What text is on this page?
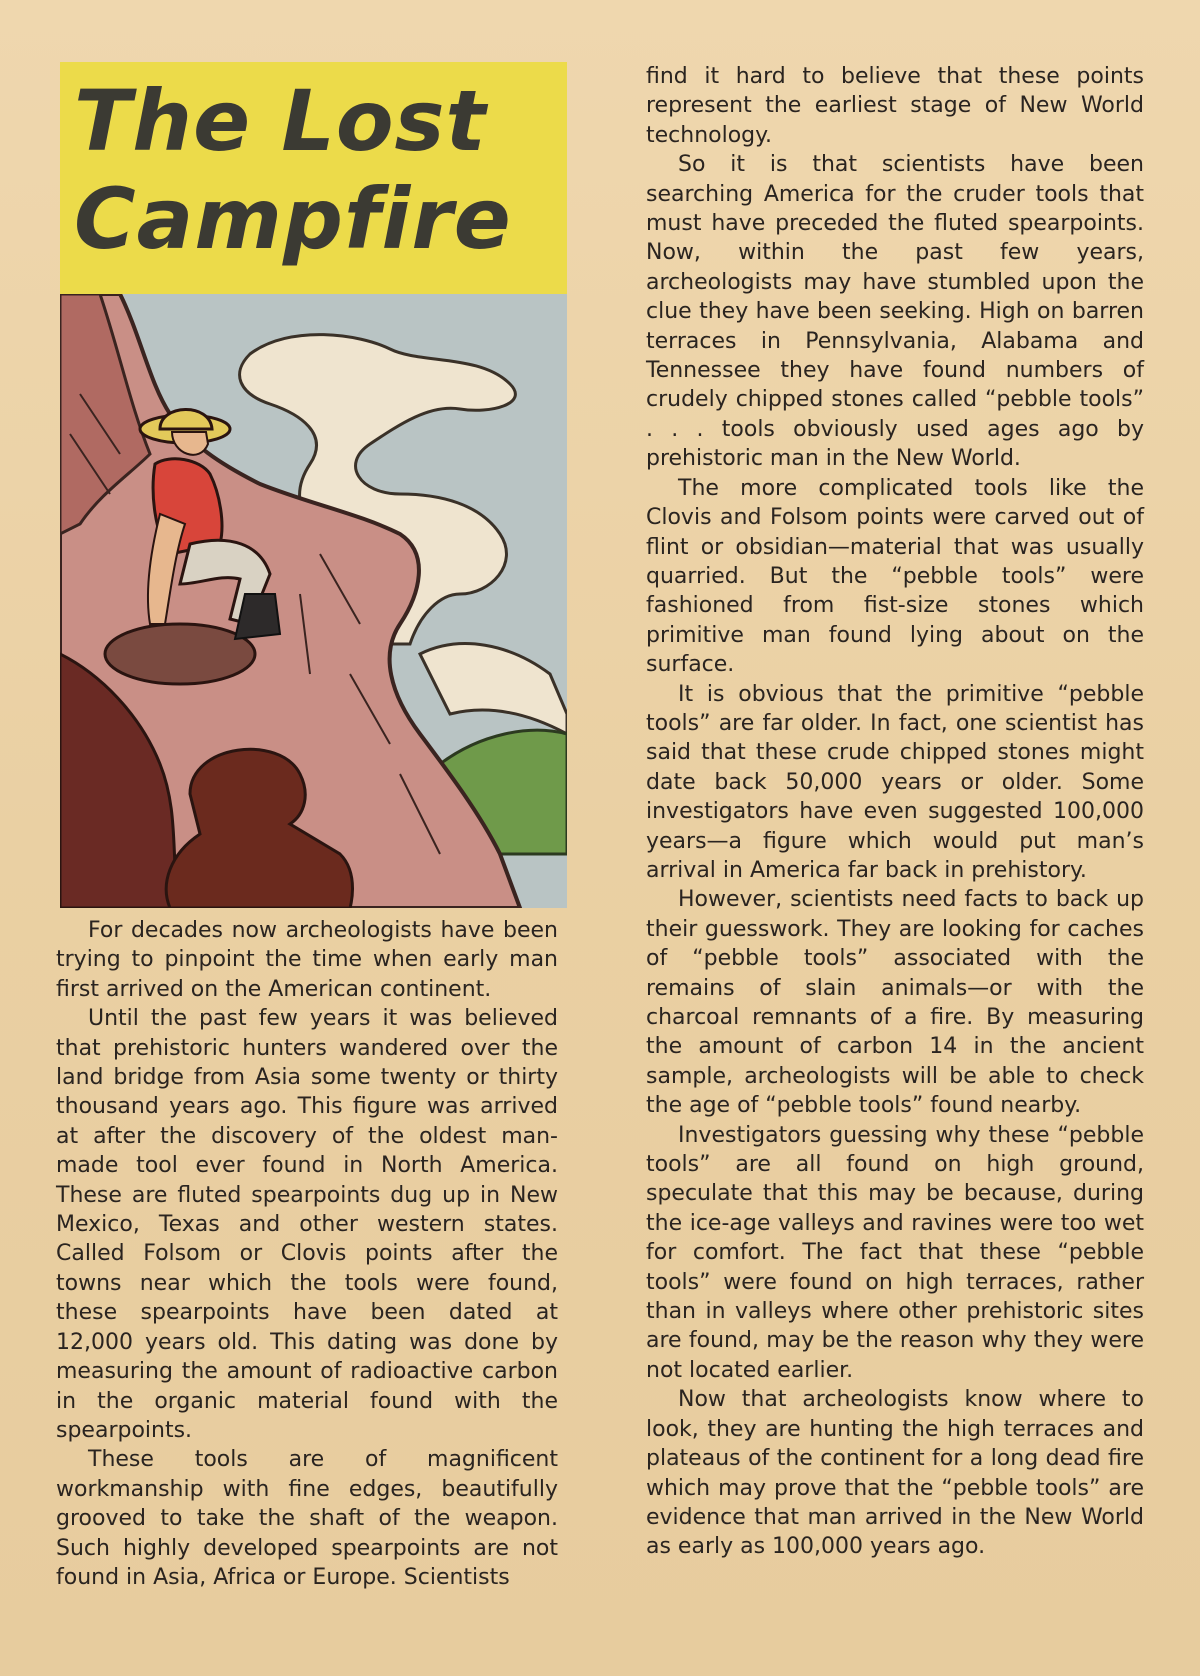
The Lost
Campfire

For decades now archeologists have been trying to pinpoint the time when early man first arrived on the American continent.

Until the past few years it was believed that prehistoric hunters wandered over the land bridge from Asia some twenty or thirty thousand years ago. This figure was arrived at after the discovery of the oldest man-made tool ever found in North America. These are fluted spearpoints dug up in New Mexico, Texas and other western states. Called Folsom or Clovis points after the towns near which the tools were found, these spearpoints have been dated at 12,000 years old. This dating was done by measuring the amount of radioactive carbon in the organic material found with the spearpoints.

These tools are of magnificent workmanship with fine edges, beautifully grooved to take the shaft of the weapon. Such highly developed spearpoints are not found in Asia, Africa or Europe. Scientists

find it hard to believe that these points represent the earliest stage of New World technology.

So it is that scientists have been searching America for the cruder tools that must have preceded the fluted spearpoints. Now, within the past few years, archeologists may have stumbled upon the clue they have been seeking. High on barren terraces in Pennsylvania, Alabama and Tennessee they have found numbers of crudely chipped stones called “pebble tools” . . . tools obviously used ages ago by prehistoric man in the New World.

The more complicated tools like the Clovis and Folsom points were carved out of flint or obsidian—material that was usually quarried. But the “pebble tools” were fashioned from fist-size stones which primitive man found lying about on the surface.

It is obvious that the primitive “pebble tools” are far older. In fact, one scientist has said that these crude chipped stones might date back 50,000 years or older. Some investigators have even suggested 100,000 years—a figure which would put man’s arrival in America far back in prehistory.

However, scientists need facts to back up their guesswork. They are looking for caches of “pebble tools” associated with the remains of slain animals—or with the charcoal remnants of a fire. By measuring the amount of carbon 14 in the ancient sample, archeologists will be able to check the age of “pebble tools” found nearby.

Investigators guessing why these “pebble tools” are all found on high ground, speculate that this may be because, during the ice-age valleys and ravines were too wet for comfort. The fact that these “pebble tools” were found on high terraces, rather than in valleys where other prehistoric sites are found, may be the reason why they were not located earlier.

Now that archeologists know where to look, they are hunting the high terraces and plateaus of the continent for a long dead fire which may prove that the “pebble tools” are evidence that man arrived in the New World as early as 100,000 years ago.
